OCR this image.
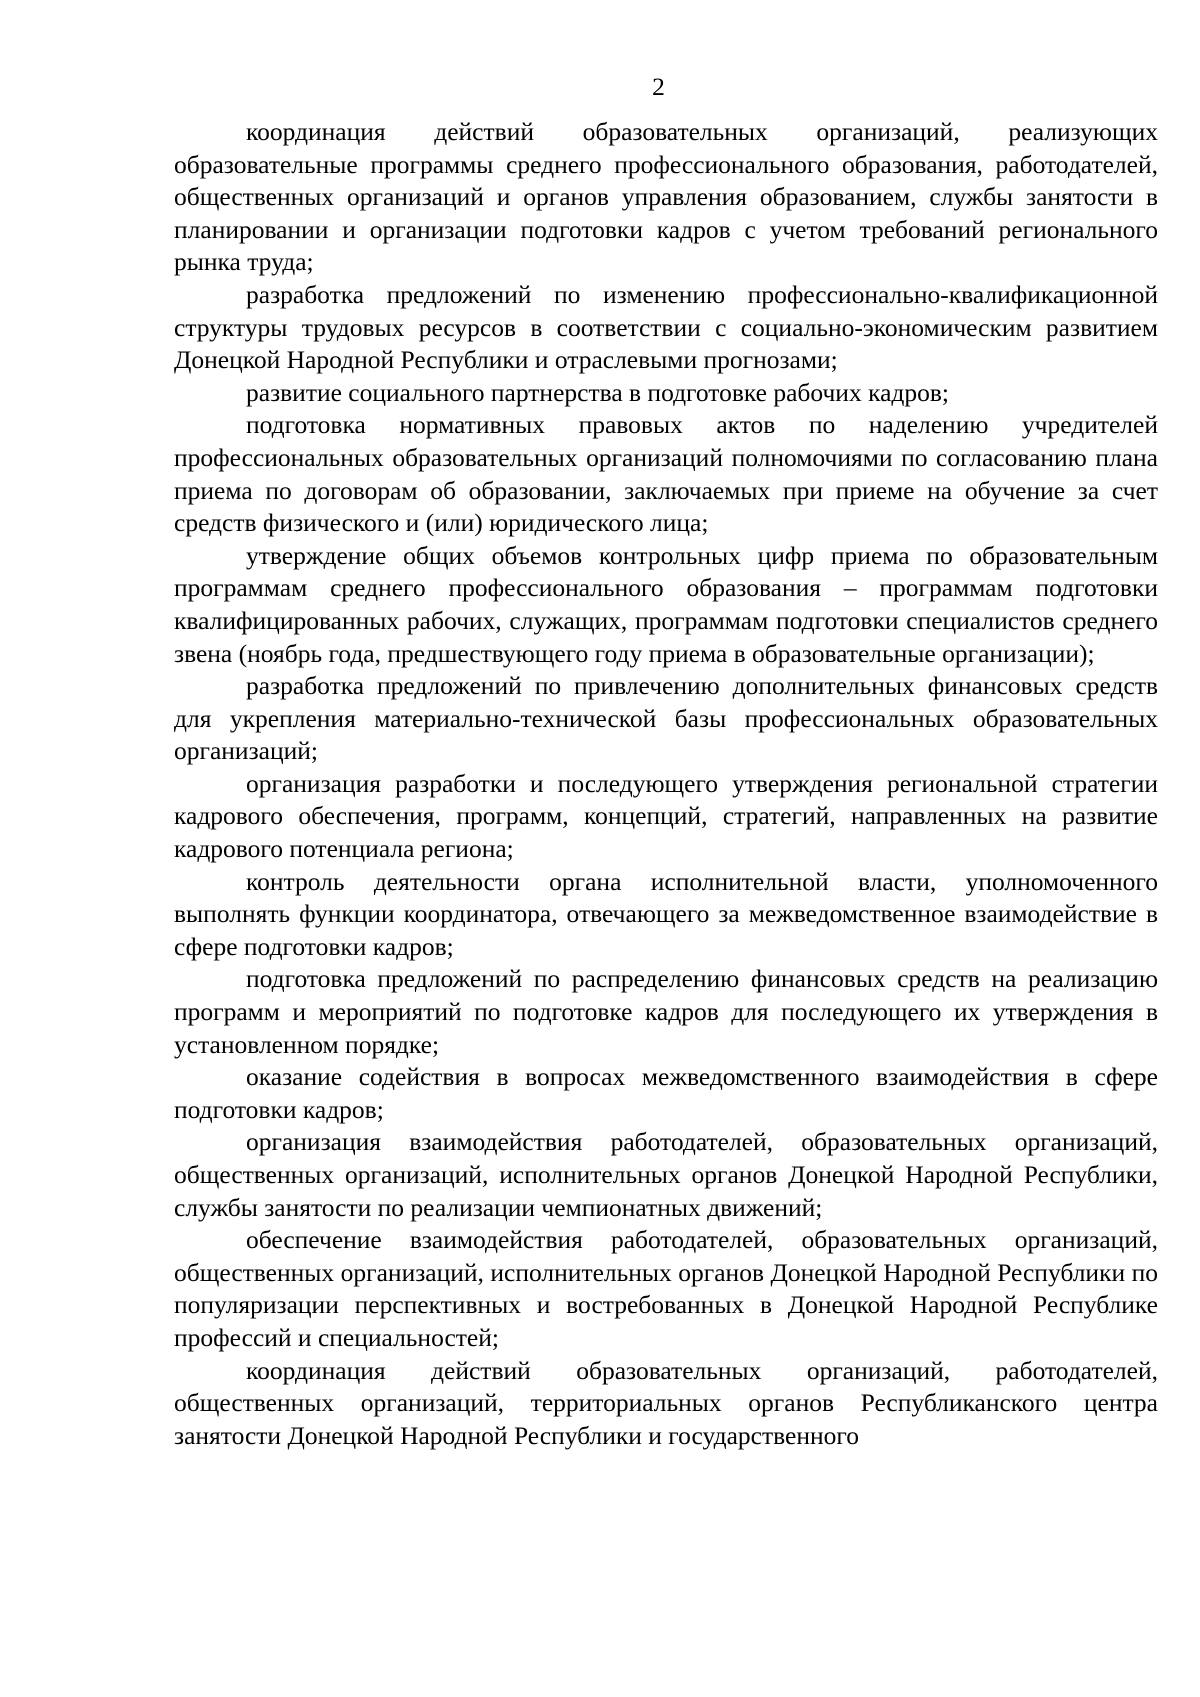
2

координация действий образовательных организаций, реализующих образовательные программы среднего профессионального образования, работодателей, общественных организаций и органов управления образованием, службы занятости в планировании и организации подготовки кадров с учетом требований регионального рынка труда;

разработка предложений по изменению профессионально-квалификационной структуры трудовых ресурсов в соответствии с социально-экономическим развитием Донецкой Народной Республики и отраслевыми прогнозами;

развитие социального партнерства в подготовке рабочих кадров;

подготовка нормативных правовых актов по наделению учредителей профессиональных образовательных организаций полномочиями по согласованию плана приема по договорам об образовании, заключаемых при приеме на обучение за счет средств физического и (или) юридического лица;

утверждение общих объемов контрольных цифр приема по образовательным программам среднего профессионального образования – программам подготовки квалифицированных рабочих, служащих, программам подготовки специалистов среднего звена (ноябрь года, предшествующего году приема в образовательные организации);

разработка предложений по привлечению дополнительных финансовых средств для укрепления материально-технической базы профессиональных образовательных организаций;

организация разработки и последующего утверждения региональной стратегии кадрового обеспечения, программ, концепций, стратегий, направленных на развитие кадрового потенциала региона;

контроль деятельности органа исполнительной власти, уполномоченного выполнять функции координатора, отвечающего за межведомственное взаимодействие в сфере подготовки кадров;

подготовка предложений по распределению финансовых средств на реализацию программ и мероприятий по подготовке кадров для последующего их утверждения в установленном порядке;

оказание содействия в вопросах межведомственного взаимодействия в сфере подготовки кадров;

организация взаимодействия работодателей, образовательных организаций, общественных организаций, исполнительных органов Донецкой Народной Республики, службы занятости по реализации чемпионатных движений;

обеспечение взаимодействия работодателей, образовательных организаций, общественных организаций, исполнительных органов Донецкой Народной Республики по популяризации перспективных и востребованных в Донецкой Народной Республике профессий и специальностей;

координация действий образовательных организаций, работодателей, общественных организаций, территориальных органов Республиканского центра занятости Донецкой Народной Республики и государственного
